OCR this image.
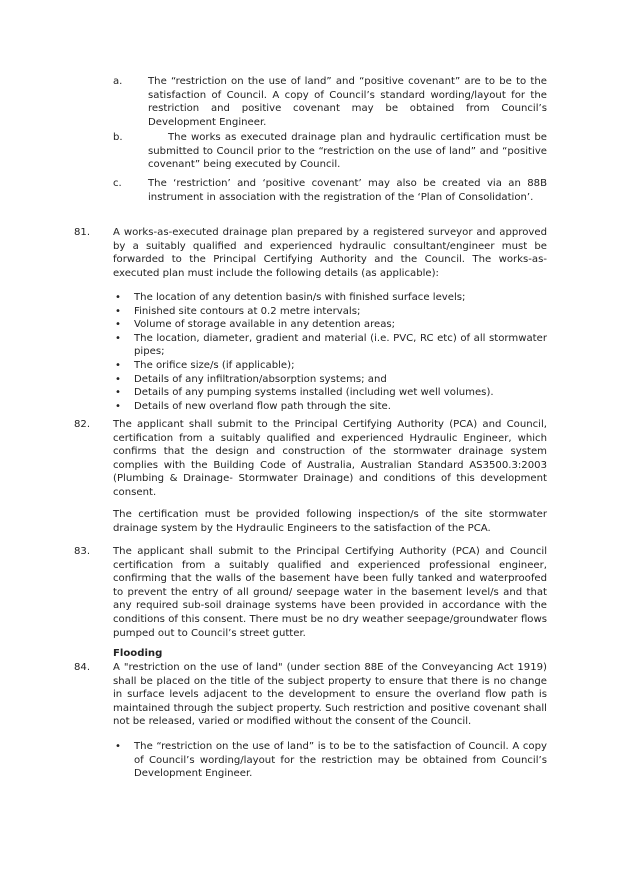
a.	The “restriction on the use of land” and “positive covenant” are to be to the satisfaction of Council. A copy of Council’s standard wording/layout for the restriction and positive covenant may be obtained from Council’s Development Engineer.
b.	The works as executed drainage plan and hydraulic certification must be submitted to Council prior to the “restriction on the use of land” and “positive covenant” being executed by Council.
c.	The ‘restriction’ and ‘positive covenant’ may also be created via an 88B instrument in association with the registration of the ‘Plan of Consolidation’.
81. A works-as-executed drainage plan prepared by a registered surveyor and approved by a suitably qualified and experienced hydraulic consultant/engineer must be forwarded to the Principal Certifying Authority and the Council. The works-as-executed plan must include the following details (as applicable):
• The location of any detention basin/s with finished surface levels;
• Finished site contours at 0.2 metre intervals;
• Volume of storage available in any detention areas;
• The location, diameter, gradient and material (i.e. PVC, RC etc) of all stormwater pipes;
• The orifice size/s (if applicable);
• Details of any infiltration/absorption systems; and
• Details of any pumping systems installed (including wet well volumes).
• Details of new overland flow path through the site.
82. The applicant shall submit to the Principal Certifying Authority (PCA) and Council, certification from a suitably qualified and experienced Hydraulic Engineer, which confirms that the design and construction of the stormwater drainage system complies with the Building Code of Australia, Australian Standard AS3500.3:2003 (Plumbing & Drainage- Stormwater Drainage) and conditions of this development consent.
The certification must be provided following inspection/s of the site stormwater drainage system by the Hydraulic Engineers to the satisfaction of the PCA.
83. The applicant shall submit to the Principal Certifying Authority (PCA) and Council certification from a suitably qualified and experienced professional engineer, confirming that the walls of the basement have been fully tanked and waterproofed to prevent the entry of all ground/ seepage water in the basement level/s and that any required sub-soil drainage systems have been provided in accordance with the conditions of this consent. There must be no dry weather seepage/groundwater flows pumped out to Council’s street gutter.
Flooding
84. A "restriction on the use of land" (under section 88E of the Conveyancing Act 1919) shall be placed on the title of the subject property to ensure that there is no change in surface levels adjacent to the development to ensure the overland flow path is maintained through the subject property. Such restriction and positive covenant shall not be released, varied or modified without the consent of the Council.
• The “restriction on the use of land” is to be to the satisfaction of Council. A copy of Council’s wording/layout for the restriction may be obtained from Council’s Development Engineer.
